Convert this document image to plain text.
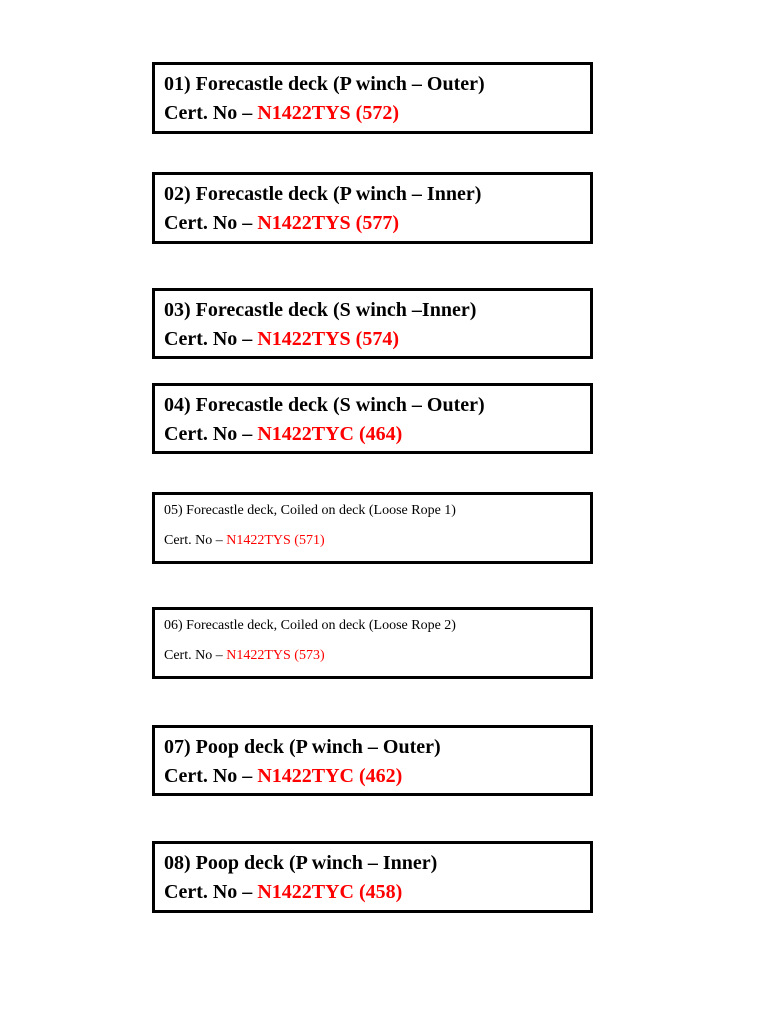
01) Forecastle deck (P winch – Outer)
Cert. No – N1422TYS (572)
02) Forecastle deck (P winch – Inner)
Cert. No – N1422TYS (577)
03) Forecastle deck (S winch –Inner)
Cert. No – N1422TYS (574)
04) Forecastle deck (S winch – Outer)
Cert. No – N1422TYC (464)
05) Forecastle deck, Coiled on deck (Loose Rope 1)
Cert. No – N1422TYS (571)
06) Forecastle deck, Coiled on deck (Loose Rope 2)
Cert. No – N1422TYS (573)
07) Poop deck (P winch – Outer)
Cert. No – N1422TYC (462)
08) Poop deck (P winch – Inner)
Cert. No – N1422TYC (458)
